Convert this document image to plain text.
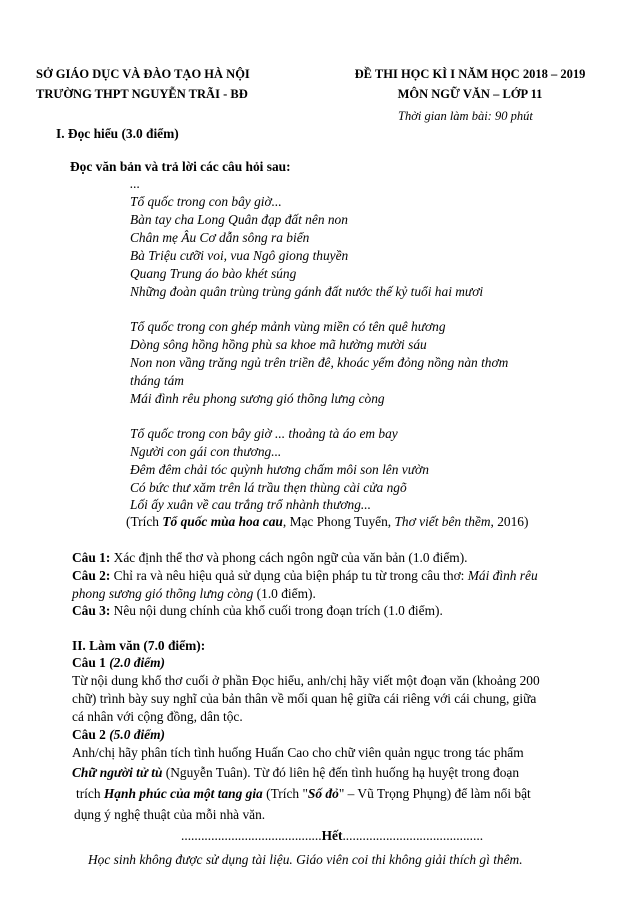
SỞ GIÁO DỤC VÀ ĐÀO TẠO HÀ NỘI
TRƯỜNG THPT NGUYỄN TRÃI - BĐ
ĐỀ THI HỌC KÌ I NĂM HỌC 2018 – 2019
MÔN NGỮ VĂN – LỚP 11
Thời gian làm bài: 90 phút
I. Đọc hiểu (3.0 điểm)
Đọc văn bản và trả lời các câu hỏi sau:
...
Tổ quốc trong con bây giờ...
Bàn tay cha Long Quân đạp đất nên non
Chân mẹ Âu Cơ dẫn sông ra biển
Bà Triệu cưỡi voi, vua Ngô giong thuyền
Quang Trung áo bào khét súng
Những đoàn quân trùng trùng gánh đất nước thế kỷ tuổi hai mươi
Tổ quốc trong con ghép mảnh vùng miền có tên quê hương
Dòng sông hồng hồng phù sa khoe mã hường mười sáu
Non non vầng trăng ngủ trên triền đê, khoác yếm đỏng nồng nàn thơm
tháng tám
Mái đình rêu phong sương gió thõng lưng còng
Tổ quốc trong con bây giờ ... thoảng tà áo em bay
Người con gái con thương...
Đêm đêm chải tóc quỳnh hương chấm môi son lên vườn
Có bức thư xăm trên lá trầu thẹn thùng cài cửa ngõ
Lối ấy xuân về cau trắng trổ nhành thương...
(Trích Tổ quốc mùa hoa cau, Mạc Phong Tuyển, Thơ viết bên thềm, 2016)
Câu 1: Xác định thể thơ và phong cách ngôn ngữ của văn bản (1.0 điểm).
Câu 2: Chỉ ra và nêu hiệu quả sử dụng của biện pháp tu từ trong câu thơ: Mái đình rêu
phong sương gió thõng lưng còng (1.0 điểm).
Câu 3: Nêu nội dung chính của khổ cuối trong đoạn trích (1.0 điểm).
II. Làm văn (7.0 điểm):
Câu 1 (2.0 điểm)
Từ nội dung khổ thơ cuối ở phần Đọc hiểu, anh/chị hãy viết một đoạn văn (khoảng 200
chữ) trình bày suy nghĩ của bản thân về mối quan hệ giữa cái riêng với cái chung, giữa
cá nhân với cộng đồng, dân tộc.
Câu 2 (5.0 điểm)
Anh/chị hãy phân tích tình huống Huấn Cao cho chữ viên quản ngục trong tác phẩm
Chữ người tử tù (Nguyễn Tuân). Từ đó liên hệ đến tình huống hạ huyệt trong đoạn
trích Hạnh phúc của một tang gia (Trích "Số đỏ" – Vũ Trọng Phụng) để làm nổi bật
dụng ý nghệ thuật của mỗi nhà văn.
..........................................Hết..........................................
Học sinh không được sử dụng tài liệu. Giáo viên coi thi không giải thích gì thêm.
